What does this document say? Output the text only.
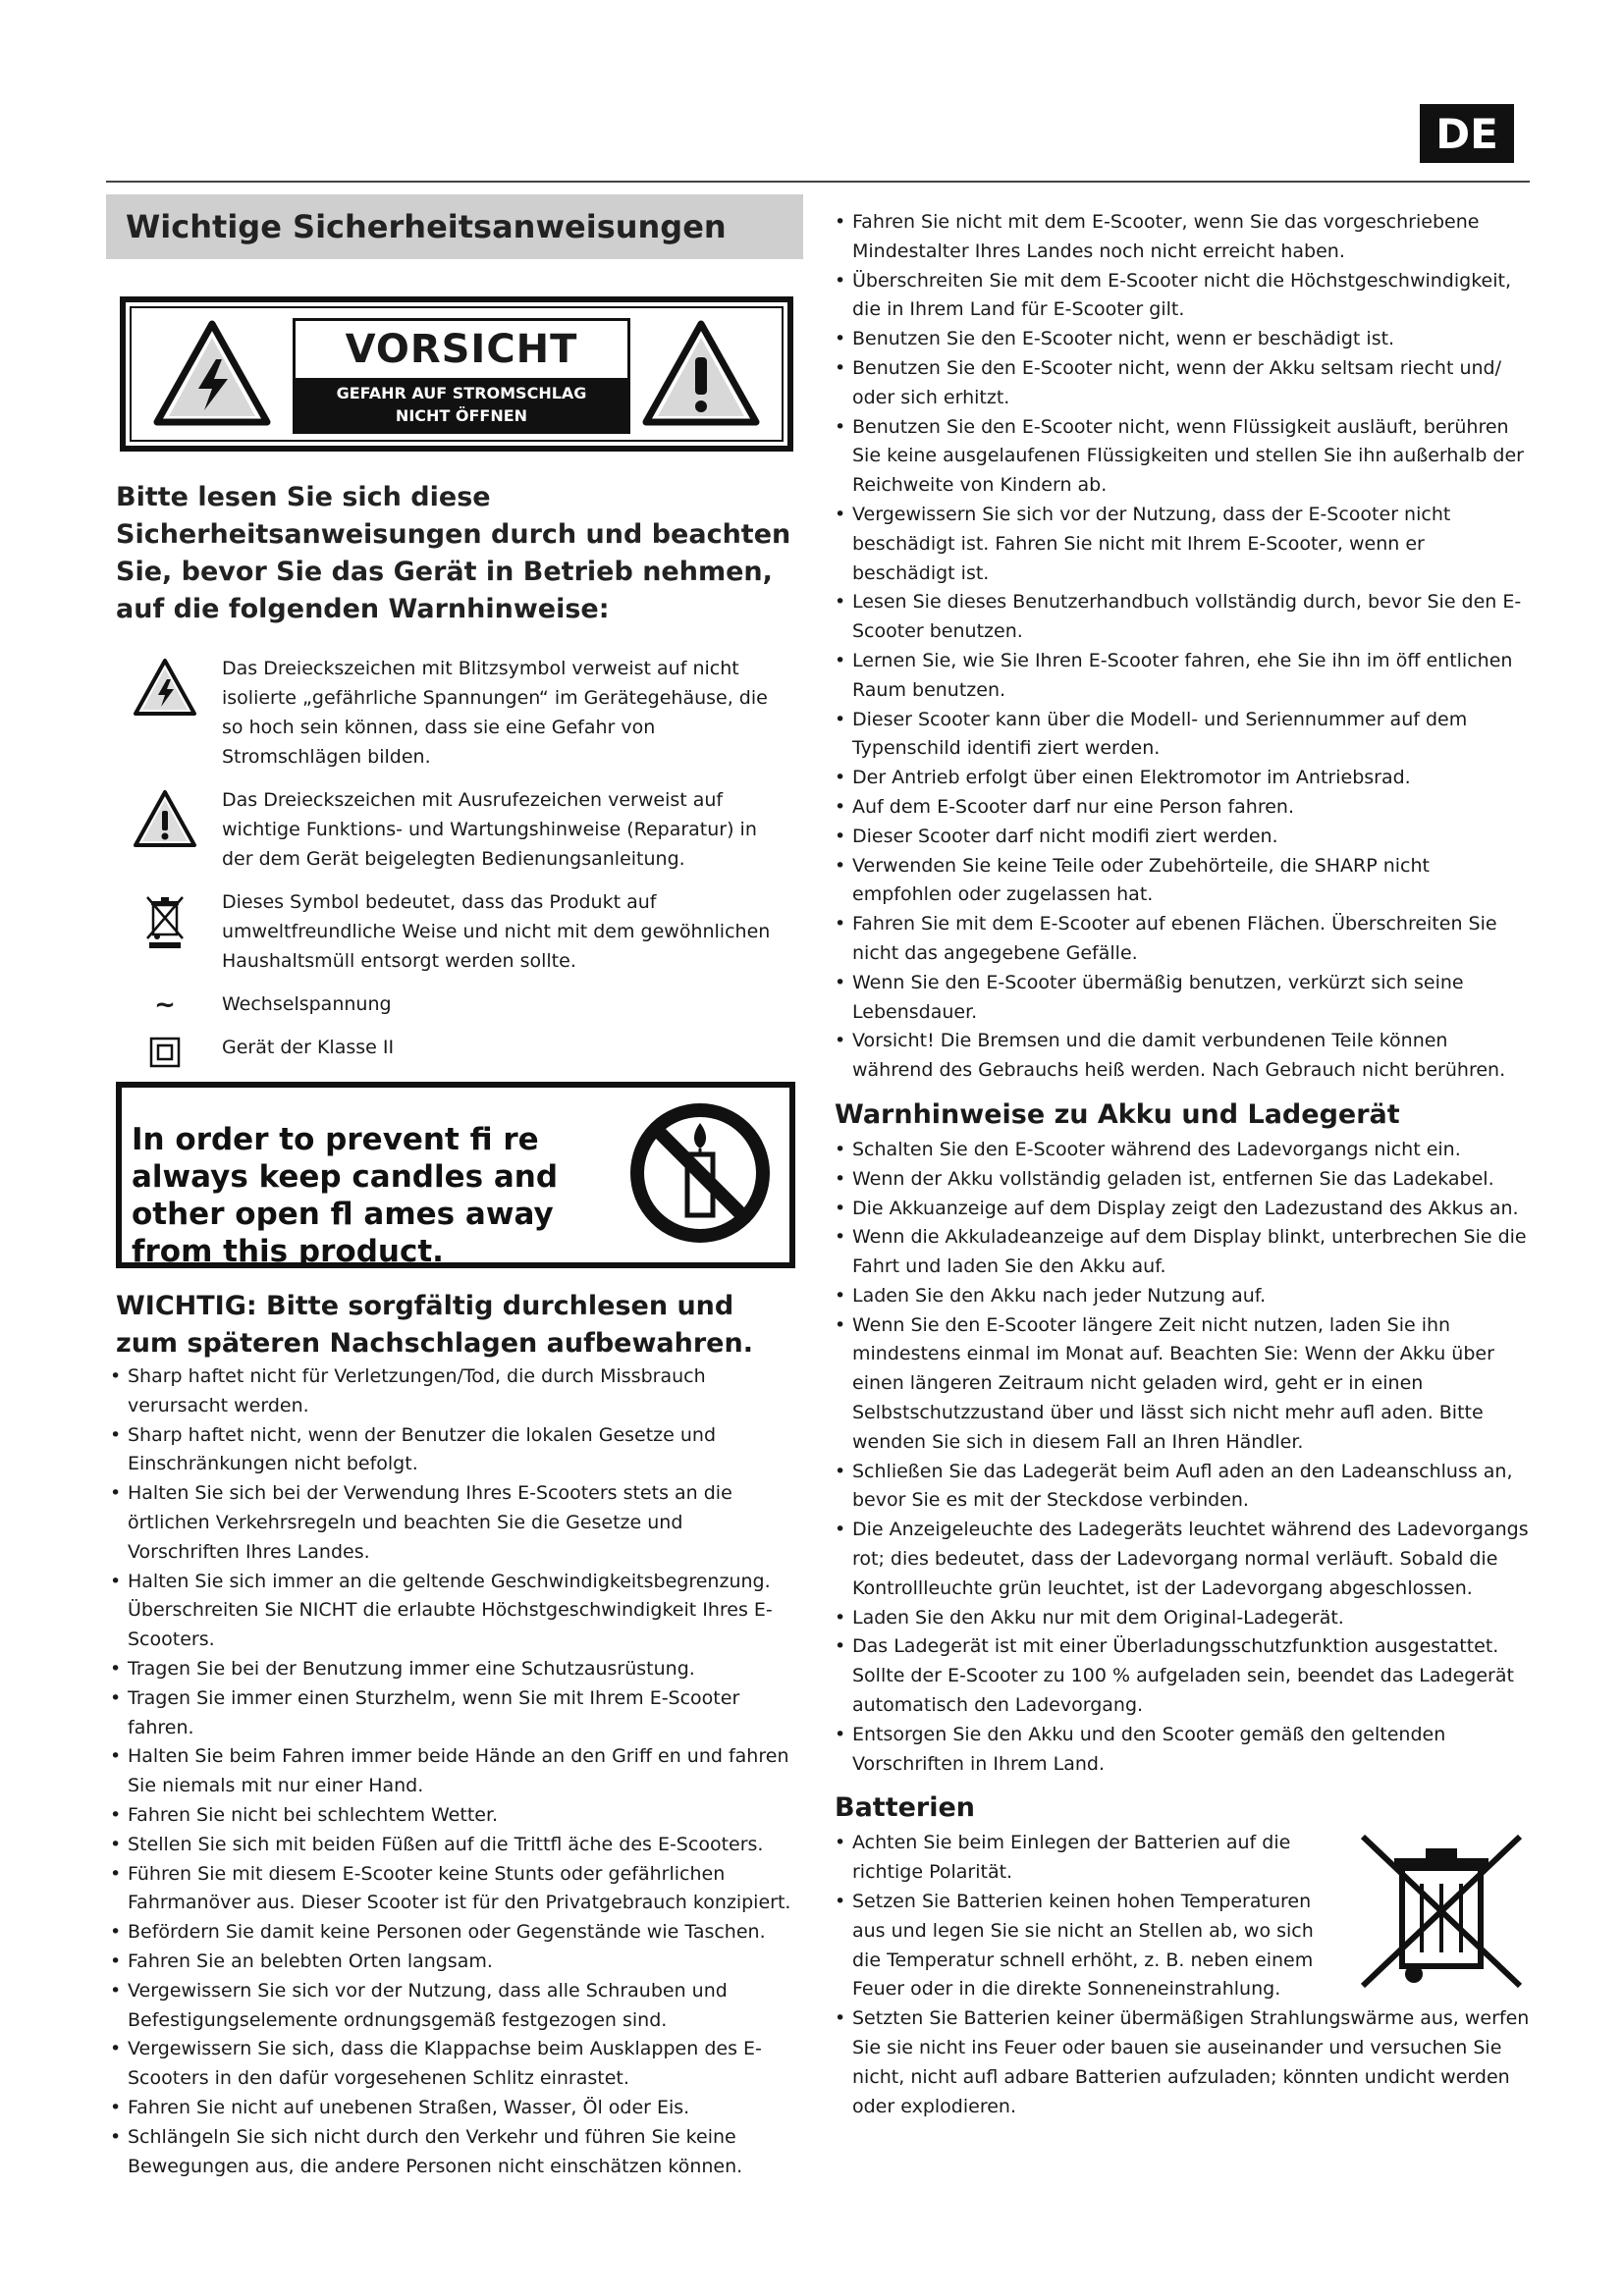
DE
Wichtige Sicherheitsanweisungen
VORSICHT
GEFAHR AUF STROMSCHLAG
NICHT ÖFFNEN
Bitte lesen Sie sich diese Sicherheitsanweisungen durch und beachten Sie, bevor Sie das Gerät in Betrieb nehmen, auf die folgenden Warnhinweise:
Das Dreieckszeichen mit Blitzsymbol verweist auf nicht isolierte „gefährliche Spannungen“ im Gerätegehäuse, die so hoch sein können, dass sie eine Gefahr von Stromschlägen bilden.
Das Dreieckszeichen mit Ausrufezeichen verweist auf wichtige Funktions- und Wartungshinweise (Reparatur) in der dem Gerät beigelegten Bedienungsanleitung.
Dieses Symbol bedeutet, dass das Produkt auf umweltfreundliche Weise und nicht mit dem gewöhnlichen Haushaltsmüll entsorgt werden sollte.
~ Wechselspannung
Gerät der Klasse II
In order to prevent fi re always keep candles and other open fl ames away from this product.
WICHTIG: Bitte sorgfältig durchlesen und zum späteren Nachschlagen aufbewahren.
• Sharp haftet nicht für Verletzungen/Tod, die durch Missbrauch verursacht werden.
• Sharp haftet nicht, wenn der Benutzer die lokalen Gesetze und Einschränkungen nicht befolgt.
• Halten Sie sich bei der Verwendung Ihres E-Scooters stets an die örtlichen Verkehrsregeln und beachten Sie die Gesetze und Vorschriften Ihres Landes.
• Halten Sie sich immer an die geltende Geschwindigkeitsbegrenzung. Überschreiten Sie NICHT die erlaubte Höchstgeschwindigkeit Ihres E-Scooters.
• Tragen Sie bei der Benutzung immer eine Schutzausrüstung.
• Tragen Sie immer einen Sturzhelm, wenn Sie mit Ihrem E-Scooter fahren.
• Halten Sie beim Fahren immer beide Hände an den Griff en und fahren Sie niemals mit nur einer Hand.
• Fahren Sie nicht bei schlechtem Wetter.
• Stellen Sie sich mit beiden Füßen auf die Trittfl äche des E-Scooters.
• Führen Sie mit diesem E-Scooter keine Stunts oder gefährlichen Fahrmanöver aus. Dieser Scooter ist für den Privatgebrauch konzipiert.
• Befördern Sie damit keine Personen oder Gegenstände wie Taschen.
• Fahren Sie an belebten Orten langsam.
• Vergewissern Sie sich vor der Nutzung, dass alle Schrauben und Befestigungselemente ordnungsgemäß festgezogen sind.
• Vergewissern Sie sich, dass die Klappachse beim Ausklappen des E-Scooters in den dafür vorgesehenen Schlitz einrastet.
• Fahren Sie nicht auf unebenen Straßen, Wasser, Öl oder Eis.
• Schlängeln Sie sich nicht durch den Verkehr und führen Sie keine Bewegungen aus, die andere Personen nicht einschätzen können.
• Fahren Sie nicht mit dem E-Scooter, wenn Sie das vorgeschriebene Mindestalter Ihres Landes noch nicht erreicht haben.
• Überschreiten Sie mit dem E-Scooter nicht die Höchstgeschwindigkeit, die in Ihrem Land für E-Scooter gilt.
• Benutzen Sie den E-Scooter nicht, wenn er beschädigt ist.
• Benutzen Sie den E-Scooter nicht, wenn der Akku seltsam riecht und/ oder sich erhitzt.
• Benutzen Sie den E-Scooter nicht, wenn Flüssigkeit ausläuft, berühren Sie keine ausgelaufenen Flüssigkeiten und stellen Sie ihn außerhalb der Reichweite von Kindern ab.
• Vergewissern Sie sich vor der Nutzung, dass der E-Scooter nicht beschädigt ist. Fahren Sie nicht mit Ihrem E-Scooter, wenn er beschädigt ist.
• Lesen Sie dieses Benutzerhandbuch vollständig durch, bevor Sie den E-Scooter benutzen.
• Lernen Sie, wie Sie Ihren E-Scooter fahren, ehe Sie ihn im öff entlichen Raum benutzen.
• Dieser Scooter kann über die Modell- und Seriennummer auf dem Typenschild identifi ziert werden.
• Der Antrieb erfolgt über einen Elektromotor im Antriebsrad.
• Auf dem E-Scooter darf nur eine Person fahren.
• Dieser Scooter darf nicht modifi ziert werden.
• Verwenden Sie keine Teile oder Zubehörteile, die SHARP nicht empfohlen oder zugelassen hat.
• Fahren Sie mit dem E-Scooter auf ebenen Flächen. Überschreiten Sie nicht das angegebene Gefälle.
• Wenn Sie den E-Scooter übermäßig benutzen, verkürzt sich seine Lebensdauer.
• Vorsicht! Die Bremsen und die damit verbundenen Teile können während des Gebrauchs heiß werden. Nach Gebrauch nicht berühren.
Warnhinweise zu Akku und Ladegerät
• Schalten Sie den E-Scooter während des Ladevorgangs nicht ein.
• Wenn der Akku vollständig geladen ist, entfernen Sie das Ladekabel.
• Die Akkuanzeige auf dem Display zeigt den Ladezustand des Akkus an.
• Wenn die Akkuladeanzeige auf dem Display blinkt, unterbrechen Sie die Fahrt und laden Sie den Akku auf.
• Laden Sie den Akku nach jeder Nutzung auf.
• Wenn Sie den E-Scooter längere Zeit nicht nutzen, laden Sie ihn mindestens einmal im Monat auf. Beachten Sie: Wenn der Akku über einen längeren Zeitraum nicht geladen wird, geht er in einen Selbstschutzzustand über und lässt sich nicht mehr aufl aden. Bitte wenden Sie sich in diesem Fall an Ihren Händler.
• Schließen Sie das Ladegerät beim Aufl aden an den Ladeanschluss an, bevor Sie es mit der Steckdose verbinden.
• Die Anzeigeleuchte des Ladegeräts leuchtet während des Ladevorgangs rot; dies bedeutet, dass der Ladevorgang normal verläuft. Sobald die Kontrollleuchte grün leuchtet, ist der Ladevorgang abgeschlossen.
• Laden Sie den Akku nur mit dem Original-Ladegerät.
• Das Ladegerät ist mit einer Überladungsschutzfunktion ausgestattet. Sollte der E-Scooter zu 100 % aufgeladen sein, beendet das Ladegerät automatisch den Ladevorgang.
• Entsorgen Sie den Akku und den Scooter gemäß den geltenden Vorschriften in Ihrem Land.
Batterien
• Achten Sie beim Einlegen der Batterien auf die richtige Polarität.
• Setzen Sie Batterien keinen hohen Temperaturen aus und legen Sie sie nicht an Stellen ab, wo sich die Temperatur schnell erhöht, z. B. neben einem Feuer oder in die direkte Sonneneinstrahlung.
• Setzten Sie Batterien keiner übermäßigen Strahlungswärme aus, werfen Sie sie nicht ins Feuer oder bauen sie auseinander und versuchen Sie nicht, nicht aufl adbare Batterien aufzuladen; könnten undicht werden oder explodieren.
